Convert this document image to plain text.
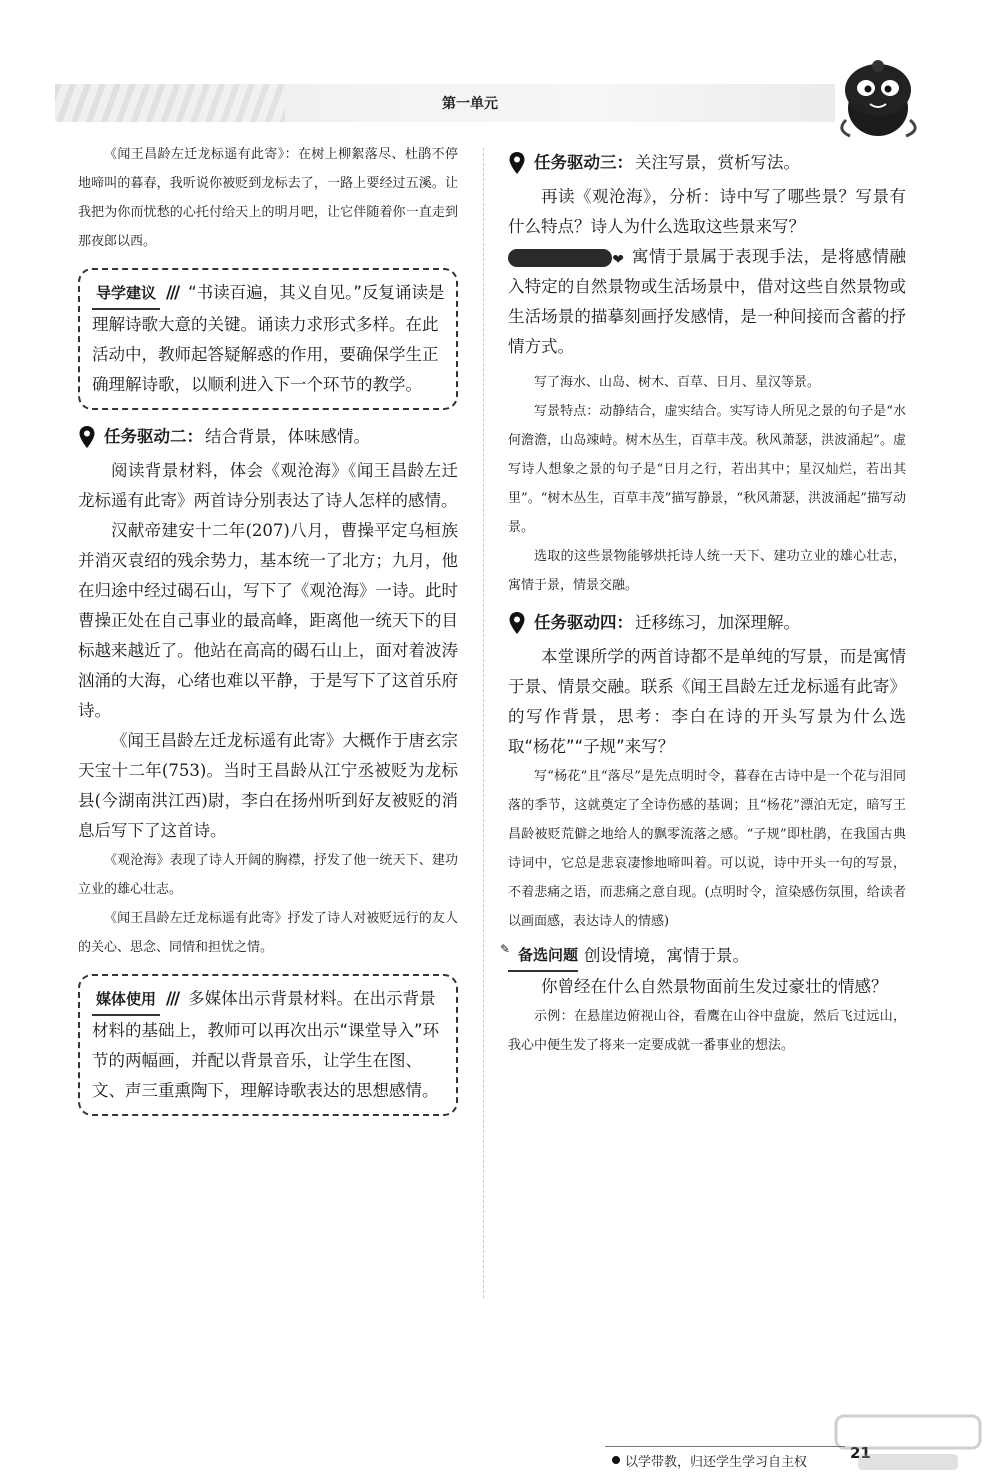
第一单元

《闻王昌龄左迁龙标遥有此寄》：在树上柳絮落尽、杜鹃不停地啼叫的暮春，我听说你被贬到龙标去了，一路上要经过五溪。让我把为你而忧愁的心托付给天上的明月吧，让它伴随着你一直走到那夜郎以西。

导学建议 /// “书读百遍，其义自见。”反复诵读是理解诗歌大意的关键。诵读力求形式多样。在此活动中，教师起答疑解惑的作用，要确保学生正确理解诗歌，以顺利进入下一个环节的教学。
任务驱动二： 结合背景，体味感情。

阅读背景材料，体会《观沧海》《闻王昌龄左迁龙标遥有此寄》两首诗分别表达了诗人怎样的感情。

汉献帝建安十二年(207)八月，曹操平定乌桓族并消灭袁绍的残余势力，基本统一了北方；九月，他在归途中经过碣石山，写下了《观沧海》一诗。此时曹操正处在自己事业的最高峰，距离他一统天下的目标越来越近了。他站在高高的碣石山上，面对着波涛汹涌的大海，心绪也难以平静，于是写下了这首乐府诗。

《闻王昌龄左迁龙标遥有此寄》大概作于唐玄宗天宝十二年(753)。当时王昌龄从江宁丞被贬为龙标县(今湖南洪江西)尉，李白在扬州听到好友被贬的消息后写下了这首诗。

《观沧海》表现了诗人开阔的胸襟，抒发了他一统天下、建功立业的雄心壮志。

《闻王昌龄左迁龙标遥有此寄》抒发了诗人对被贬远行的友人的关心、思念、同情和担忧之情。

媒体使用 /// 多媒体出示背景材料。在出示背景材料的基础上，教师可以再次出示“课堂导入”环节的两幅画，并配以背景音乐，让学生在图、文、声三重熏陶下，理解诗歌表达的思想感情。
任务驱动三： 关注写景，赏析写法。

再读《观沧海》，分析：诗中写了哪些景？写景有什么特点？诗人为什么选取这些景来写？

❤ 寓情于景属于表现手法，是将感情融入特定的自然景物或生活场景中，借对这些自然景物或生活场景的描摹刻画抒发感情，是一种间接而含蓄的抒情方式。

写了海水、山岛、树木、百草、日月、星汉等景。

写景特点：动静结合，虚实结合。实写诗人所见之景的句子是“水何澹澹，山岛竦峙。树木丛生，百草丰茂。秋风萧瑟，洪波涌起”。虚写诗人想象之景的句子是“日月之行，若出其中；星汉灿烂，若出其里”。“树木丛生，百草丰茂”描写静景，“秋风萧瑟，洪波涌起”描写动景。

选取的这些景物能够烘托诗人统一天下、建功立业的雄心壮志，寓情于景，情景交融。

任务驱动四： 迁移练习，加深理解。

本堂课所学的两首诗都不是单纯的写景，而是寓情于景、情景交融。联系《闻王昌龄左迁龙标遥有此寄》的写作背景，思考：李白在诗的开头写景为什么选取“杨花”“子规”来写？

写“杨花”且“落尽”是先点明时令，暮春在古诗中是一个花与泪同落的季节，这就奠定了全诗伤感的基调；且“杨花”漂泊无定，暗写王昌龄被贬荒僻之地给人的飘零流落之感。“子规”即杜鹃，在我国古典诗词中，它总是悲哀凄惨地啼叫着。可以说，诗中开头一句的写景，不着悲痛之语，而悲痛之意自现。(点明时令，渲染感伤氛围，给读者以画面感，表达诗人的情感)

✎ 备选问题 创设情境，寓情于景。

你曾经在什么自然景物面前生发过豪壮的情感？

示例：在悬崖边俯视山谷，看鹰在山谷中盘旋，然后飞过远山，我心中便生发了将来一定要成就一番事业的想法。

以学带教，归还学生学习自主权
21
